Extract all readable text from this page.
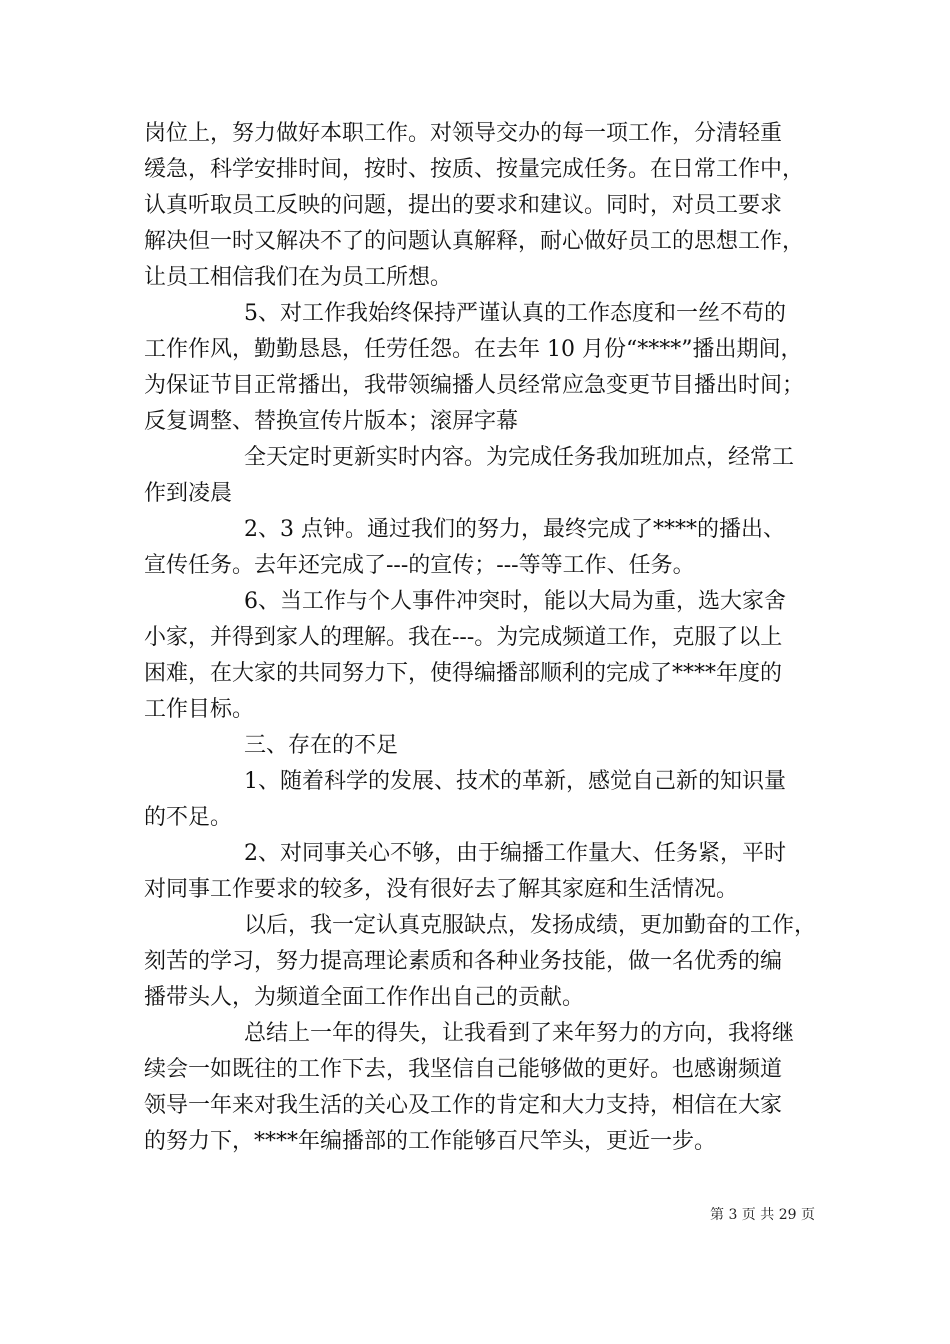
岗位上，努力做好本职工作。对领导交办的每一项工作，分清轻重
缓急，科学安排时间，按时、按质、按量完成任务。在日常工作中，
认真听取员工反映的问题，提出的要求和建议。同时，对员工要求
解决但一时又解决不了的问题认真解释，耐心做好员工的思想工作，
让员工相信我们在为员工所想。
5、对工作我始终保持严谨认真的工作态度和一丝不苟的
工作作风，勤勤恳恳，任劳任怨。在去年 10 月份“****”播出期间，
为保证节目正常播出，我带领编播人员经常应急变更节目播出时间；
反复调整、替换宣传片版本；滚屏字幕
全天定时更新实时内容。为完成任务我加班加点，经常工
作到凌晨
2、3 点钟。通过我们的努力，最终完成了****的播出、
宣传任务。去年还完成了---的宣传；---等等工作、任务。
6、当工作与个人事件冲突时，能以大局为重，选大家舍
小家，并得到家人的理解。我在---。为完成频道工作，克服了以上
困难，在大家的共同努力下，使得编播部顺利的完成了****年度的
工作目标。
三、存在的不足
1、随着科学的发展、技术的革新，感觉自己新的知识量
的不足。
2、对同事关心不够，由于编播工作量大、任务紧，平时
对同事工作要求的较多，没有很好去了解其家庭和生活情况。
以后，我一定认真克服缺点，发扬成绩，更加勤奋的工作，
刻苦的学习，努力提高理论素质和各种业务技能，做一名优秀的编
播带头人，为频道全面工作作出自己的贡献。
总结上一年的得失，让我看到了来年努力的方向，我将继
续会一如既往的工作下去，我坚信自己能够做的更好。也感谢频道
领导一年来对我生活的关心及工作的肯定和大力支持，相信在大家
的努力下，****年编播部的工作能够百尺竿头，更近一步。
第 3 页 共 29 页
